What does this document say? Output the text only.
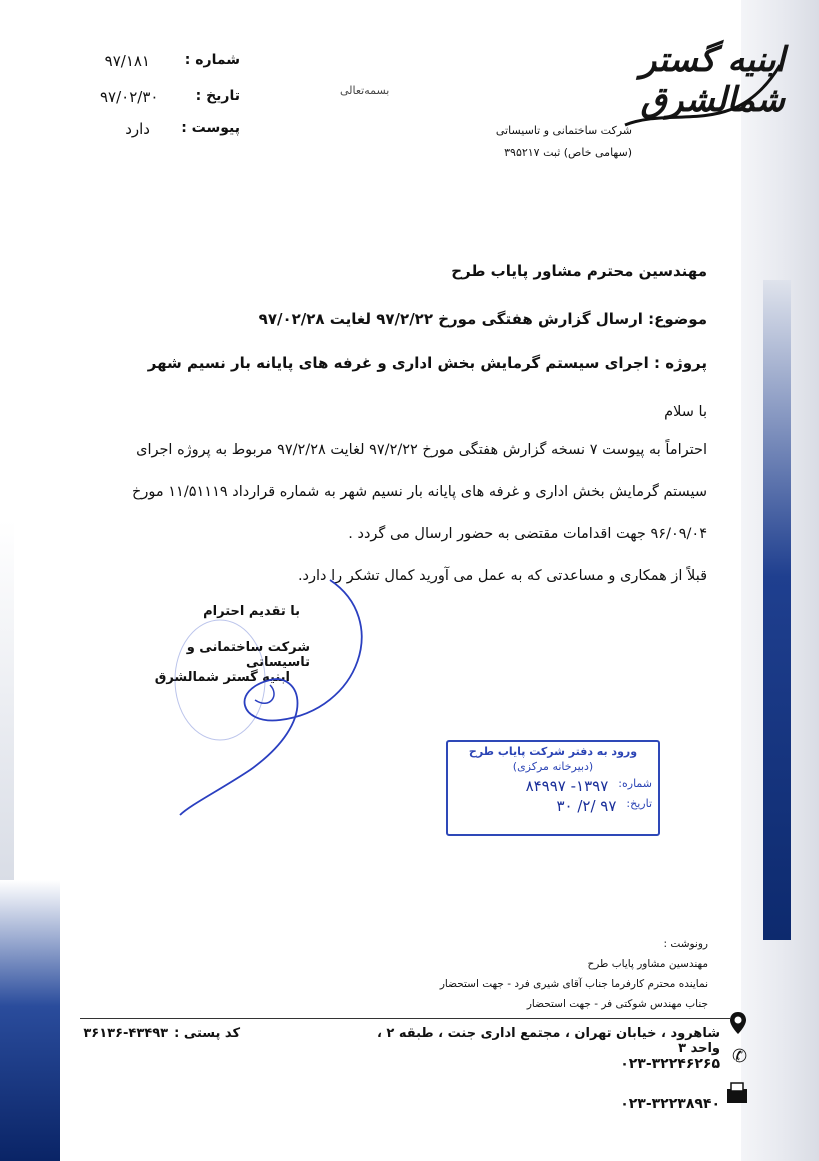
شماره :
۹۷/۱۸۱
تاریخ :
۹۷/۰۲/۳۰
پیوست :
دارد
بسمه‌تعالی
ابنیه گستر شمالشرق
شرکت ساختمانی و تاسیساتی
(سهامی خاص) ثبت ۳۹۵۲۱۷
مهندسین محترم مشاور پایاب طرح
موضوع: ارسال گزارش هفتگی مورخ ۹۷/۲/۲۲ لغایت ۹۷/۰۲/۲۸
پروژه : اجرای سیستم گرمایش بخش اداری و غرفه های پایانه بار نسیم شهر
با سلام
احتراماً به پیوست ۷ نسخه گزارش هفتگی مورخ ۹۷/۲/۲۲ لغایت ۹۷/۲/۲۸ مربوط به پروژه اجرای
سیستم گرمایش بخش اداری و غرفه های پایانه بار نسیم شهر به شماره قرارداد ۱۱/۵۱۱۱۹ مورخ
۹۶/۰۹/۰۴ جهت اقدامات مقتضی به حضور ارسال می گردد .
قبلاً از همکاری و مساعدتی که به عمل می آورید کمال تشکر را دارد.
با تقدیم احترام
شرکت ساختمانی و تاسیساتی
ابنیه گستر شمالشرق
ورود به دفتر شرکت پایاب طرح
(دبیرخانه مرکزی)
شماره:
۱۳۹۷- ۸۴۹۹۷
تاریخ:
۹۷ /۲/ ۳۰
رونوشت :
مهندسین مشاور پایاب طرح
نماینده محترم کارفرما جناب آقای شیری فرد - جهت استحضار
جناب مهندس شوکتی فر - جهت استحضار
شاهرود ، خیابان تهران ، مجتمع اداری جنت ، طبقه ۲ ، واحد ۳
کد پستی :
۳۶۱۳۶-۴۳۴۹۳
۰۲۳-۳۲۲۴۶۲۶۵
۰۲۳-۳۲۲۳۸۹۴۰
✆
